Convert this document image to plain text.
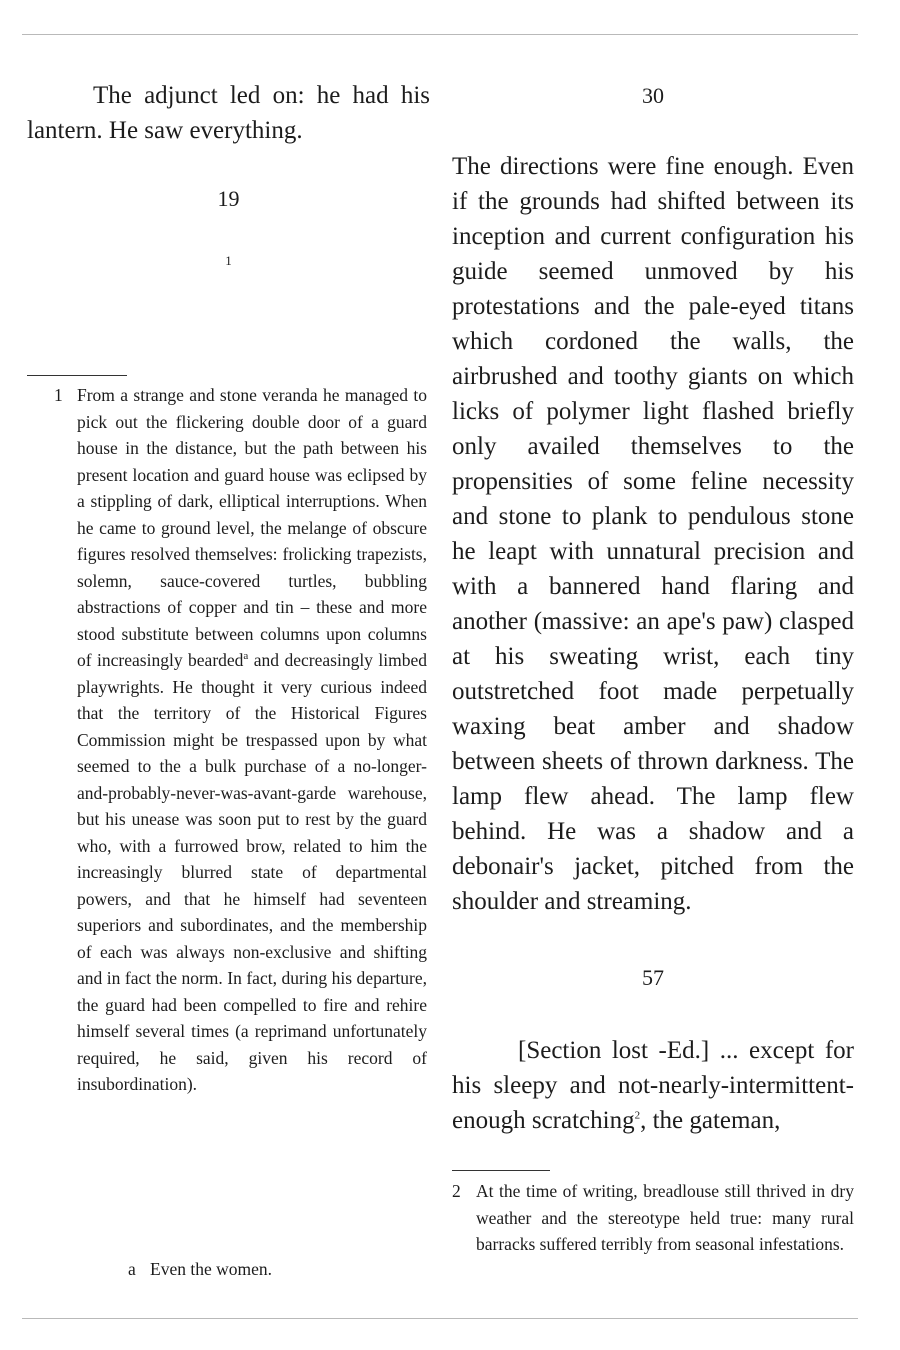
The adjunct led on: he had his lantern. He saw everything.

19
1
1 From a strange and stone veranda he managed to pick out the flickering double door of a guard house in the distance, but the path between his present location and guard house was eclipsed by a stippling of dark, elliptical interruptions. When he came to ground level, the melange of obscure figures resolved themselves: frolicking trapezists, solemn, sauce-covered turtles, bubbling abstractions of copper and tin – these and more stood substitute between columns upon columns of increasingly bearded$^a$ and decreasingly limbed playwrights. He thought it very curious indeed that the territory of the Historical Figures Commission might be trespassed upon by what seemed to the a bulk purchase of a no-longer-and-probably-never-was-avant-garde warehouse, but his unease was soon put to rest by the guard who, with a furrowed brow, related to him the increasingly blurred state of departmental powers, and that he himself had seventeen superiors and subordinates, and the membership of each was always non-exclusive and shifting and in fact the norm. In fact, during his departure, the guard had been compelled to fire and rehire himself several times (a reprimand unfortunately required, he said, given his record of insubordination).
a Even the women.
30

The directions were fine enough. Even if the grounds had shifted between its inception and current configuration his guide seemed unmoved by his protestations and the pale-eyed titans which cordoned the walls, the airbrushed and toothy giants on which licks of polymer light flashed briefly only availed themselves to the propensities of some feline necessity and stone to plank to pendulous stone he leapt with unnatural precision and with a bannered hand flaring and another (massive: an ape's paw) clasped at his sweating wrist, each tiny outstretched foot made perpetually waxing beat amber and shadow between sheets of thrown darkness. The lamp flew ahead. The lamp flew behind. He was a shadow and a debonair's jacket, pitched from the shoulder and streaming.

57

[Section lost -Ed.] ... except for his sleepy and not-nearly-intermittent-enough scratching$^2$, the gateman,

2 At the time of writing, breadlouse still thrived in dry weather and the stereotype held true: many rural barracks suffered terribly from seasonal infestations.
